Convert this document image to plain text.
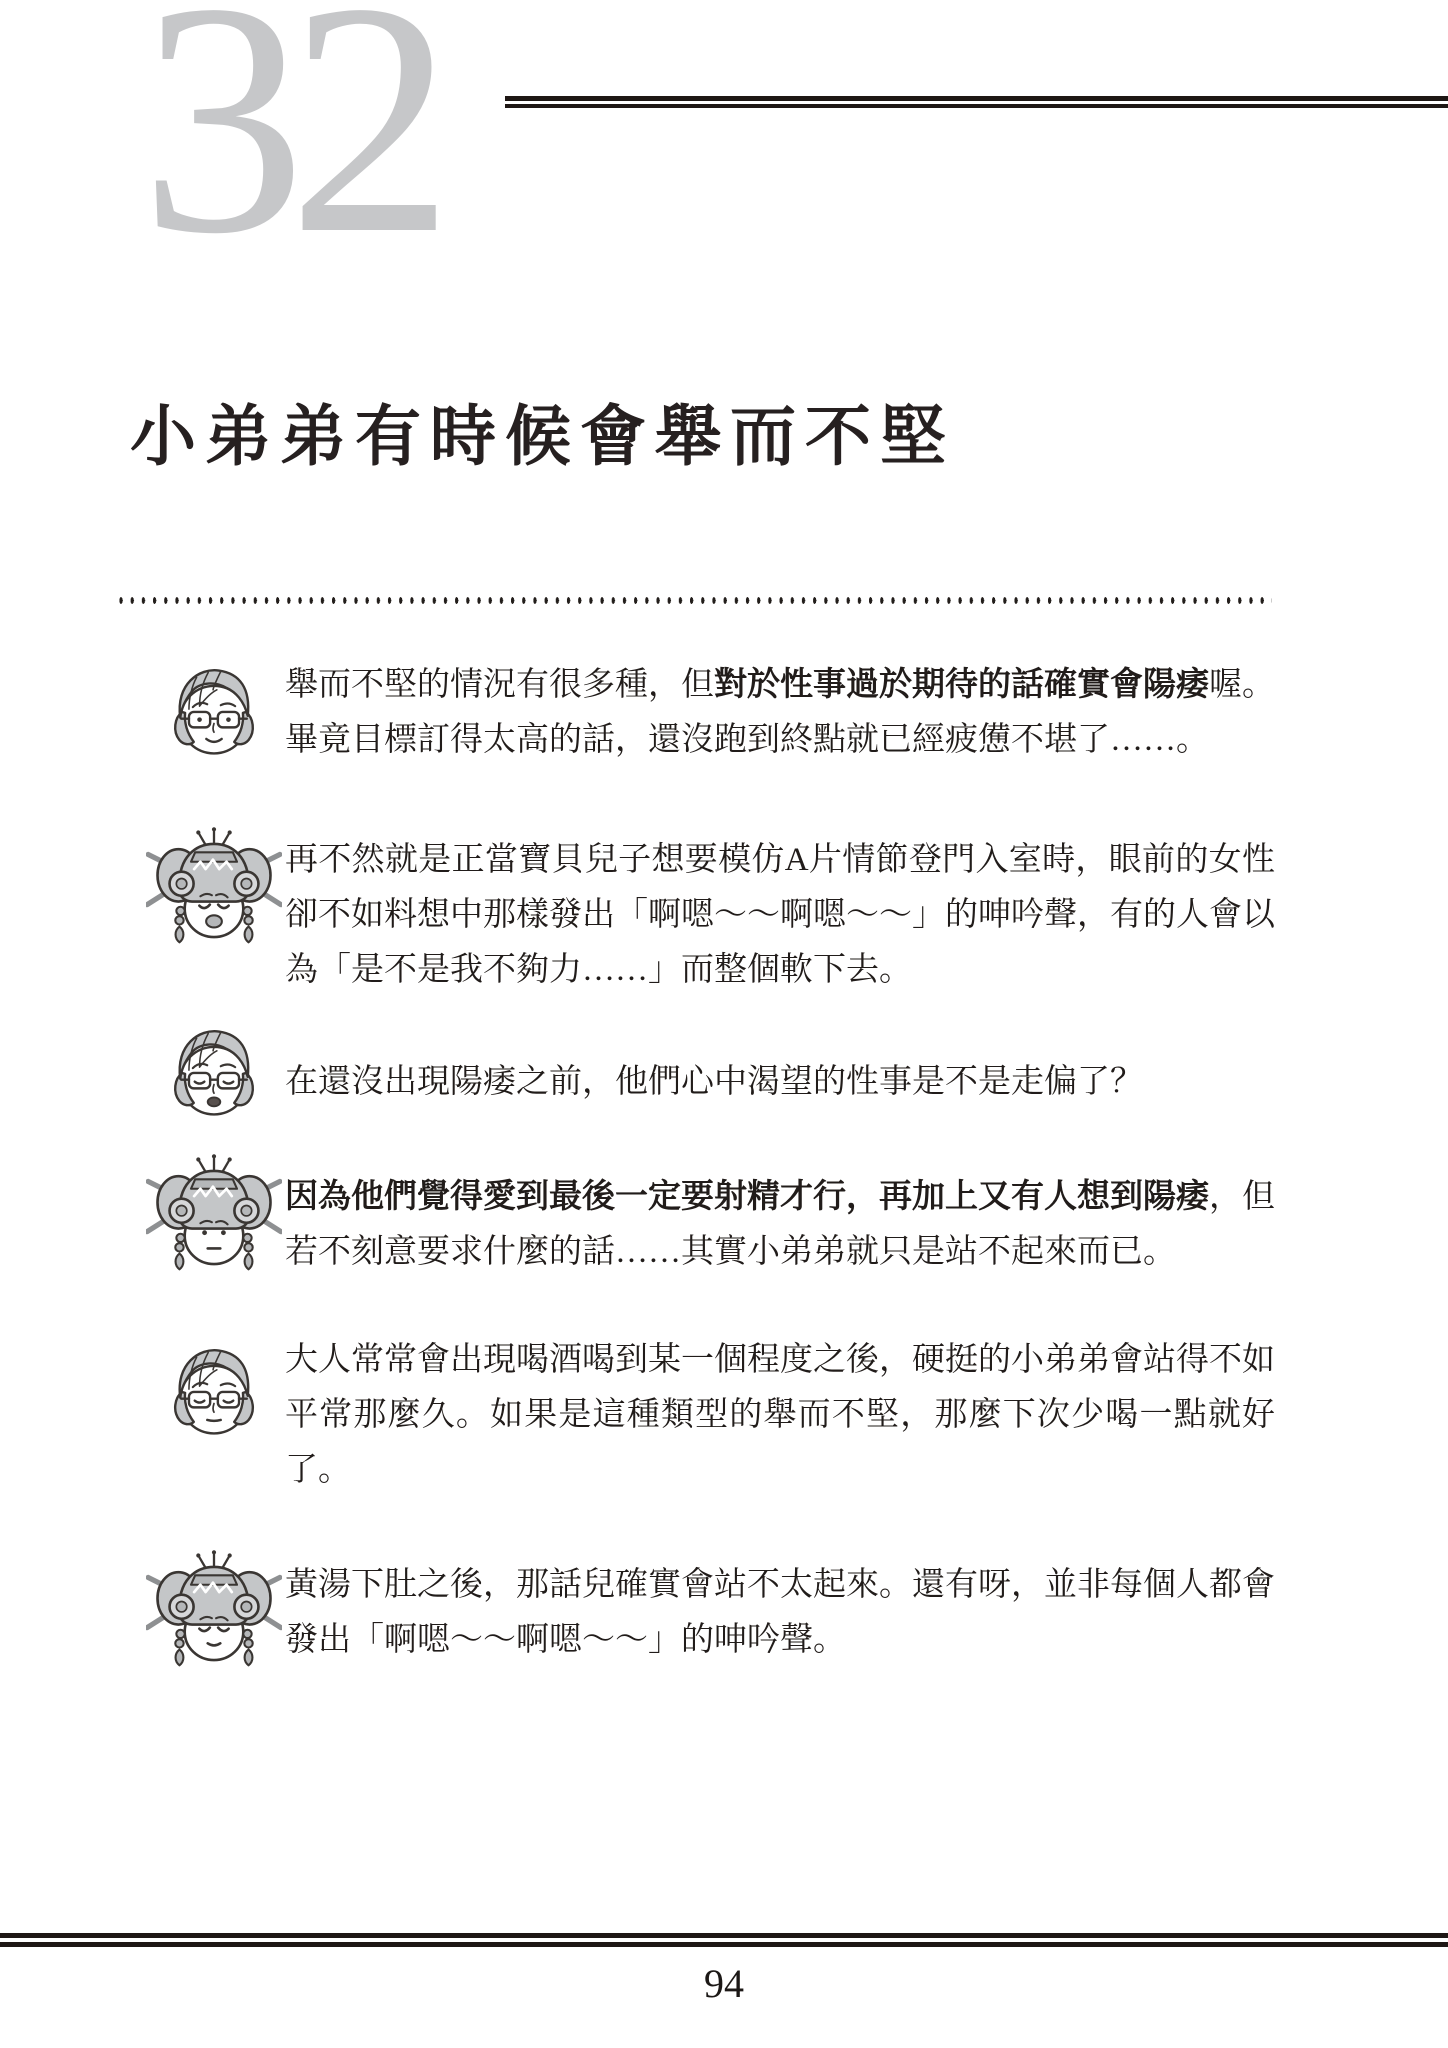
32
小弟弟有時候會舉而不堅

舉而不堅的情況有很多種，但對於性事過於期待的話確實會陽痿喔。畢竟目標訂得太高的話，還沒跑到終點就已經疲憊不堪了……。

再不然就是正當寶貝兒子想要模仿A片情節登門入室時，眼前的女性卻不如料想中那樣發出「啊嗯～～啊嗯～～」的呻吟聲，有的人會以為「是不是我不夠力……」而整個軟下去。

在還沒出現陽痿之前，他們心中渴望的性事是不是走偏了？

因為他們覺得愛到最後一定要射精才行，再加上又有人想到陽痿，但若不刻意要求什麼的話……其實小弟弟就只是站不起來而已。

大人常常會出現喝酒喝到某一個程度之後，硬挺的小弟弟會站得不如平常那麼久。如果是這種類型的舉而不堅，那麼下次少喝一點就好了。

黃湯下肚之後，那話兒確實會站不太起來。還有呀，並非每個人都會發出「啊嗯～～啊嗯～～」的呻吟聲。

94
